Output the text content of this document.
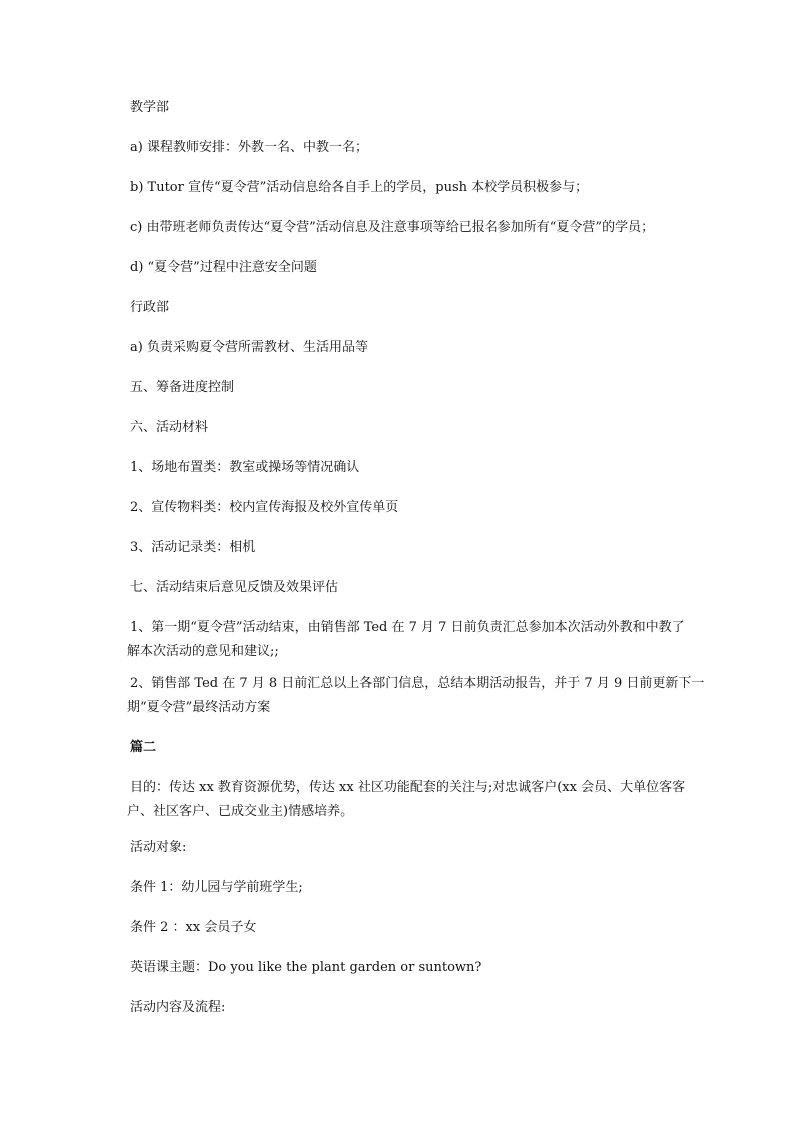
教学部
a) 课程教师安排：外教一名、中教一名；
b) Tutor 宣传“夏令营”活动信息给各自手上的学员，push 本校学员积极参与；
c) 由带班老师负责传达“夏令营”活动信息及注意事项等给已报名参加所有“夏令营”的学员；
d) “夏令营”过程中注意安全问题
行政部
a) 负责采购夏令营所需教材、生活用品等
五、筹备进度控制
六、活动材料
1、场地布置类：教室或操场等情况确认
2、宣传物料类：校内宣传海报及校外宣传单页
3、活动记录类：相机
七、活动结束后意见反馈及效果评估
1、第一期“夏令营”活动结束，由销售部 Ted 在 7 月 7 日前负责汇总参加本次活动外教和中教了
解本次活动的意见和建议;;
2、销售部 Ted 在 7 月 8 日前汇总以上各部门信息，总结本期活动报告，并于 7 月 9 日前更新下一
期“夏令营”最终活动方案
篇二
目的：传达 xx 教育资源优势，传达 xx 社区功能配套的关注与;对忠诚客户(xx 会员、大单位客客
户、社区客户、已成交业主)情感培养。
活动对象:
条件 1：幼儿园与学前班学生;
条件 2 ：xx 会员子女
英语课主题：Do you like the plant garden or suntown?
活动内容及流程:
